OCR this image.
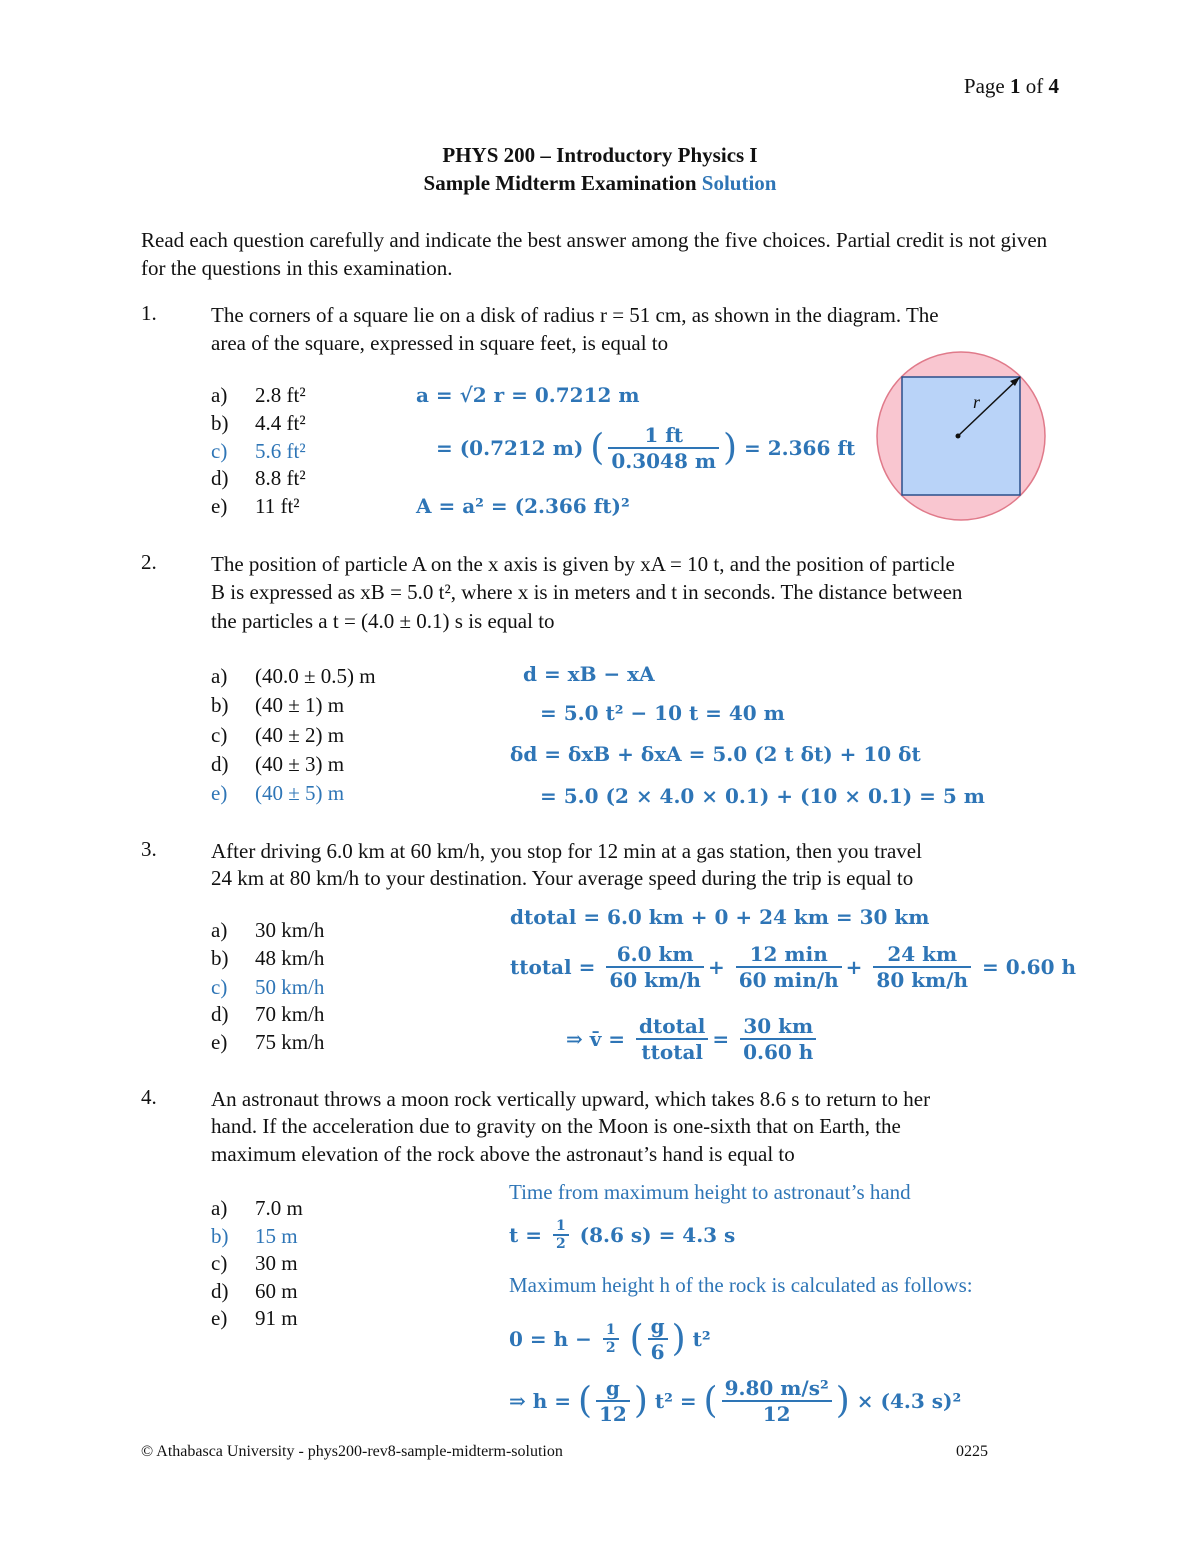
Page 1 of 4
PHYS 200 – Introductory Physics I
Sample Midterm Examination Solution
Read each question carefully and indicate the best answer among the five choices. Partial credit is not given for the questions in this examination.
1.	The corners of a square lie on a disk of radius r = 51 cm, as shown in the diagram. The
area of the square, expressed in square feet, is equal to
a) 2.8 ft²
b) 4.4 ft²
c) 5.6 ft²
d) 8.8 ft²
e) 11 ft²
a = √2 r = 0.7212 m
= (0.7212 m) ( $\frac{1 ft}{0.3048 m}$ ) = 2.366 ft
A = a² = (2.366 ft)²
r
2.	The position of particle A on the x axis is given by xA = 10 t, and the position of particle
B is expressed as xB = 5.0 t², where x is in meters and t in seconds. The distance between
the particles a t = (4.0 ± 0.1) s is equal to
a) (40.0 ± 0.5) m
b) (40 ± 1) m
c) (40 ± 2) m
d) (40 ± 3) m
e) (40 ± 5) m
d = xB − xA
= 5.0 t² − 10 t = 40 m
δd = δxB + δxA = 5.0 (2 t δt) + 10 δt
= 5.0 (2 × 4.0 × 0.1) + (10 × 0.1) = 5 m
3.	After driving 6.0 km at 60 km/h, you stop for 12 min at a gas station, then you travel
24 km at 80 km/h to your destination. Your average speed during the trip is equal to
a) 30 km/h
b) 48 km/h
c) 50 km/h
d) 70 km/h
e) 75 km/h
dtotal = 6.0 km + 0 + 24 km = 30 km
ttotal = $\frac{6.0 km}{60 km/h} + \frac{12 \min}{60 \min/h} + \frac{24 km}{80 km/h} = 0.60$ h
⇒ v̄ = $\frac{\text{dtotal}}{\text{ttotal}} = \frac{30 km}{0.60 h}$
4.	An astronaut throws a moon rock vertically upward, which takes 8.6 s to return to her
hand. If the acceleration due to gravity on the Moon is one-sixth that on Earth, the
maximum elevation of the rock above the astronaut’s hand is equal to
a) 7.0 m
b) 15 m
c) 30 m
d) 60 m
e) 91 m
Time from maximum height to astronaut’s hand
$t = \frac{1}{2} (8.6$ s) = 4.3 s
Maximum height h of the rock is calculated as follows:
$0 = h - \frac{1}{2}$ ( $\frac{g}{6}$ ) t²
⇒ h = ( $\frac{g}{12}$ ) t² = ( $\frac{\text{9.80 m/s²}}{12}$ ) × (4.3 s)²
© Athabasca University - phys200-rev8-sample-midterm-solution	0225
